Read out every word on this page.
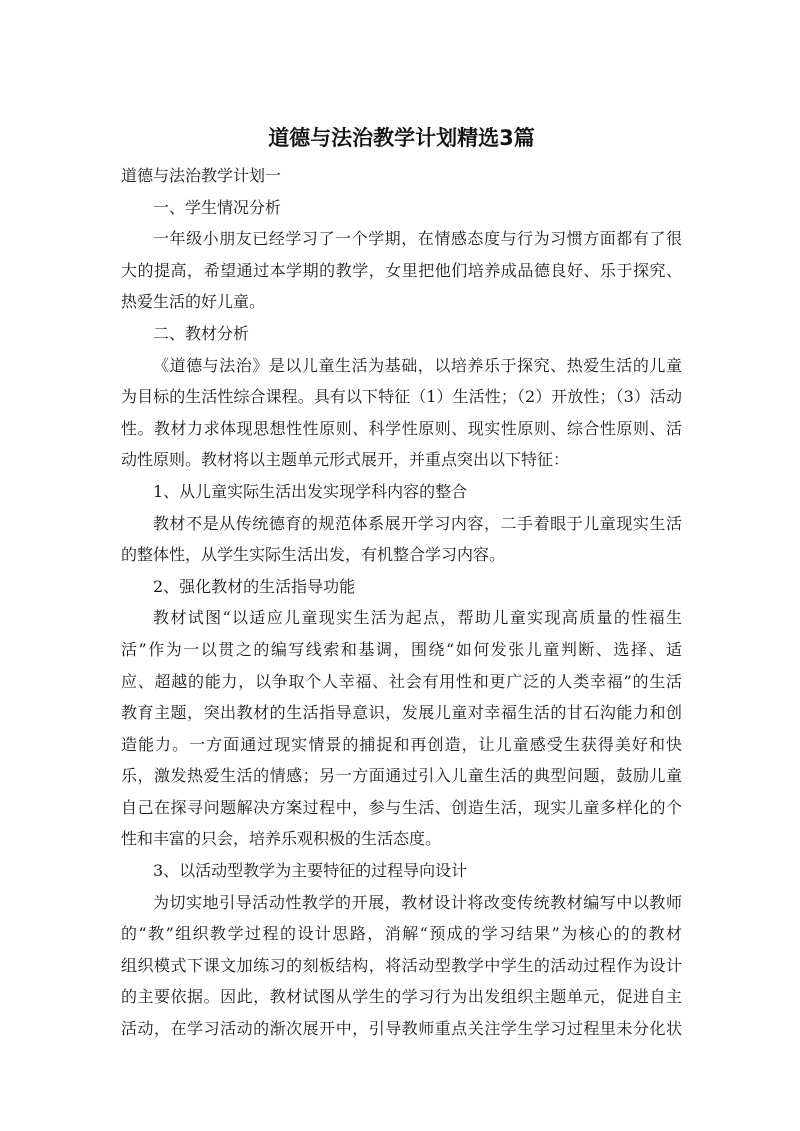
道德与法治教学计划精选3篇
道德与法治教学计划一
一、学生情况分析
一年级小朋友已经学习了一个学期，在情感态度与行为习惯方面都有了很
大的提高，希望通过本学期的教学，女里把他们培养成品德良好、乐于探究、
热爱生活的好儿童。
二、教材分析
《道德与法治》是以儿童生活为基础，以培养乐于探究、热爱生活的儿童
为目标的生活性综合课程。具有以下特征（1）生活性；（2）开放性；（3）活动
性。教材力求体现思想性性原则、科学性原则、现实性原则、综合性原则、活
动性原则。教材将以主题单元形式展开，并重点突出以下特征：
1、从儿童实际生活出发实现学科内容的整合
教材不是从传统德育的规范体系展开学习内容，二手着眼于儿童现实生活
的整体性，从学生实际生活出发，有机整合学习内容。
2、强化教材的生活指导功能
教材试图“以适应儿童现实生活为起点，帮助儿童实现高质量的性福生
活”作为一以贯之的编写线索和基调，围绕“如何发张儿童判断、选择、适
应、超越的能力，以争取个人幸福、社会有用性和更广泛的人类幸福”的生活
教育主题，突出教材的生活指导意识，发展儿童对幸福生活的甘石沟能力和创
造能力。一方面通过现实情景的捕捉和再创造，让儿童感受生获得美好和快
乐，激发热爱生活的情感；另一方面通过引入儿童生活的典型问题，鼓励儿童
自己在探寻问题解决方案过程中，参与生活、创造生活，现实儿童多样化的个
性和丰富的只会，培养乐观积极的生活态度。
3、以活动型教学为主要特征的过程导向设计
为切实地引导活动性教学的开展，教材设计将改变传统教材编写中以教师
的“教”组织教学过程的设计思路，消解“预成的学习结果”为核心的的教材
组织模式下课文加练习的刻板结构，将活动型教学中学生的活动过程作为设计
的主要依据。因此，教材试图从学生的学习行为出发组织主题单元，促进自主
活动，在学习活动的渐次展开中，引导教师重点关注学生学习过程里未分化状
